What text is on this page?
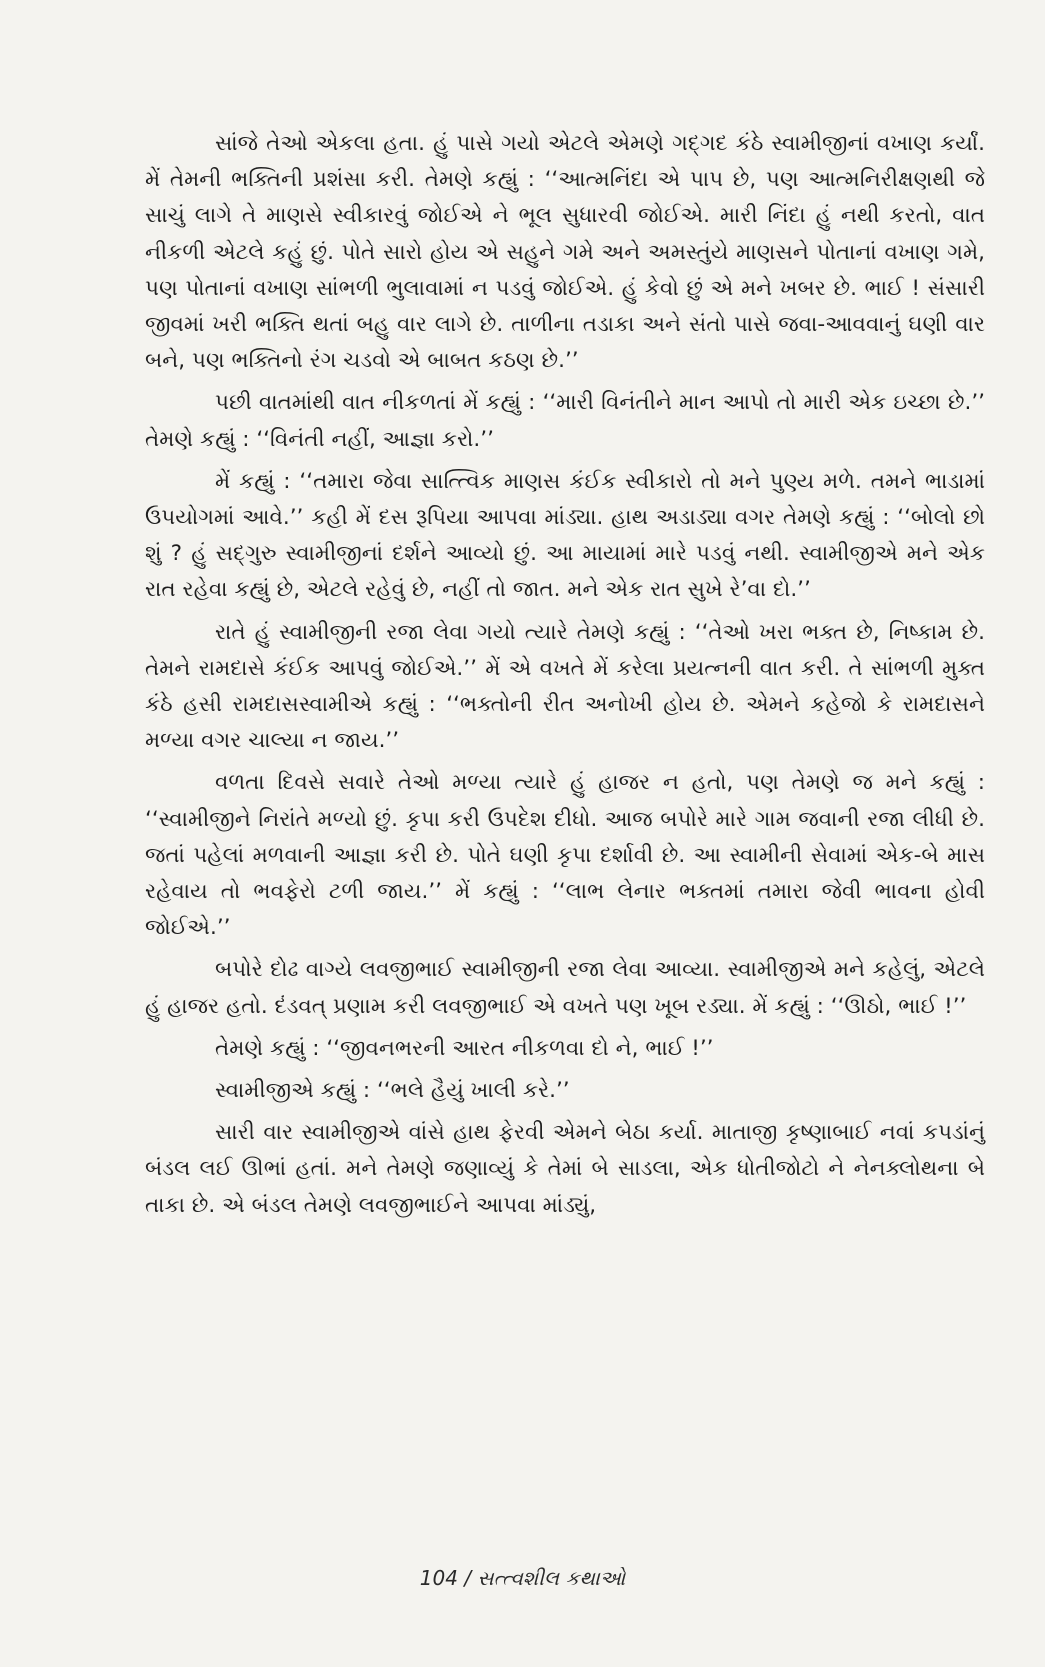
સાંજે તેઓ એકલા હતા. હું પાસે ગયો એટલે એમણે ગદ્ગદ કંઠે સ્વામીજીનાં વખાણ કર્યાં. મેં તેમની ભક્તિની પ્રશંસા કરી. તેમણે કહ્યું : ‘‘આત્મનિંદા એ પાપ છે, પણ આત્મનિરીક્ષણથી જે સાચું લાગે તે માણસે સ્વીકારવું જોઈએ ને ભૂલ સુધારવી જોઈએ. મારી નિંદા હું નથી કરતો, વાત નીકળી એટલે કહું છું. પોતે સારો હોય એ સહુને ગમે અને અમસ્તુંયે માણસને પોતાનાં વખાણ ગમે, પણ પોતાનાં વખાણ સાંભળી ભુલાવામાં ન પડવું જોઈએ. હું કેવો છું એ મને ખબર છે. ભાઈ ! સંસારી જીવમાં ખરી ભક્તિ થતાં બહુ વાર લાગે છે. તાળીના તડાકા અને સંતો પાસે જવા-આવવાનું ઘણી વાર બને, પણ ભક્તિનો રંગ ચડવો એ બાબત કઠણ છે.’’

પછી વાતમાંથી વાત નીકળતાં મેં કહ્યું : ‘‘મારી વિનંતીને માન આપો તો મારી એક ઇચ્છા છે.’’ તેમણે કહ્યું : ‘‘વિનંતી નહીં, આજ્ઞા કરો.’’

મેં કહ્યું : ‘‘તમારા જેવા સાત્ત્વિક માણસ કંઈક સ્વીકારો તો મને પુણ્ય મળે. તમને ભાડામાં ઉપયોગમાં આવે.’’ કહી મેં દસ રૂપિયા આપવા માંડ્યા. હાથ અડાડ્યા વગર તેમણે કહ્યું : ‘‘બોલો છો શું ? હું સદ્ગુરુ સ્વામીજીનાં દર્શને આવ્યો છું. આ માયામાં મારે પડવું નથી. સ્વામીજીએ મને એક રાત રહેવા કહ્યું છે, એટલે રહેવું છે, નહીં તો જાત. મને એક રાત સુખે રે’વા દો.’’

રાતે હું સ્વામીજીની રજા લેવા ગયો ત્યારે તેમણે કહ્યું : ‘‘તેઓ ખરા ભક્ત છે, નિષ્કામ છે. તેમને રામદાસે કંઈક આપવું જોઈએ.’’ મેં એ વખતે મેં કરેલા પ્રયત્નની વાત કરી. તે સાંભળી મુક્ત કંઠે હસી રામદાસસ્વામીએ કહ્યું : ‘‘ભક્તોની રીત અનોખી હોય છે. એમને કહેજો કે રામદાસને મળ્યા વગર ચાલ્યા ન જાય.’’

વળતા દિવસે સવારે તેઓ મળ્યા ત્યારે હું હાજર ન હતો, પણ તેમણે જ મને કહ્યું : ‘‘સ્વામીજીને નિરાંતે મળ્યો છું. કૃપા કરી ઉપદેશ દીધો. આજ બપોરે મારે ગામ જવાની રજા લીધી છે. જતાં પહેલાં મળવાની આજ્ઞા કરી છે. પોતે ઘણી કૃપા દર્શાવી છે. આ સ્વામીની સેવામાં એક-બે માસ રહેવાય તો ભવફેરો ટળી જાય.’’ મેં કહ્યું : ‘‘લાભ લેનાર ભક્તમાં તમારા જેવી ભાવના હોવી જોઈએ.’’

બપોરે દોઢ વાગ્યે લવજીભાઈ સ્વામીજીની રજા લેવા આવ્યા. સ્વામીજીએ મને કહેલું, એટલે હું હાજર હતો. દંડવત્ પ્રણામ કરી લવજીભાઈ એ વખતે પણ ખૂબ રડ્યા. મેં કહ્યું : ‘‘ઊઠો, ભાઈ !’’

તેમણે કહ્યું : ‘‘જીવનભરની આરત નીકળવા દો ને, ભાઈ !’’

સ્વામીજીએ કહ્યું : ‘‘ભલે હૈયું ખાલી કરે.’’

સારી વાર સ્વામીજીએ વાંસે હાથ ફેરવી એમને બેઠા કર્યા. માતાજી કૃષ્ણાબાઈ નવાં કપડાંનું બંડલ લઈ ઊભાં હતાં. મને તેમણે જણાવ્યું કે તેમાં બે સાડલા, એક ધોતીજોટો ને નેનક્લોથના બે તાકા છે. એ બંડલ તેમણે લવજીભાઈને આપવા માંડ્યું,

104 / સત્ત્વશીલ કથાઓ
